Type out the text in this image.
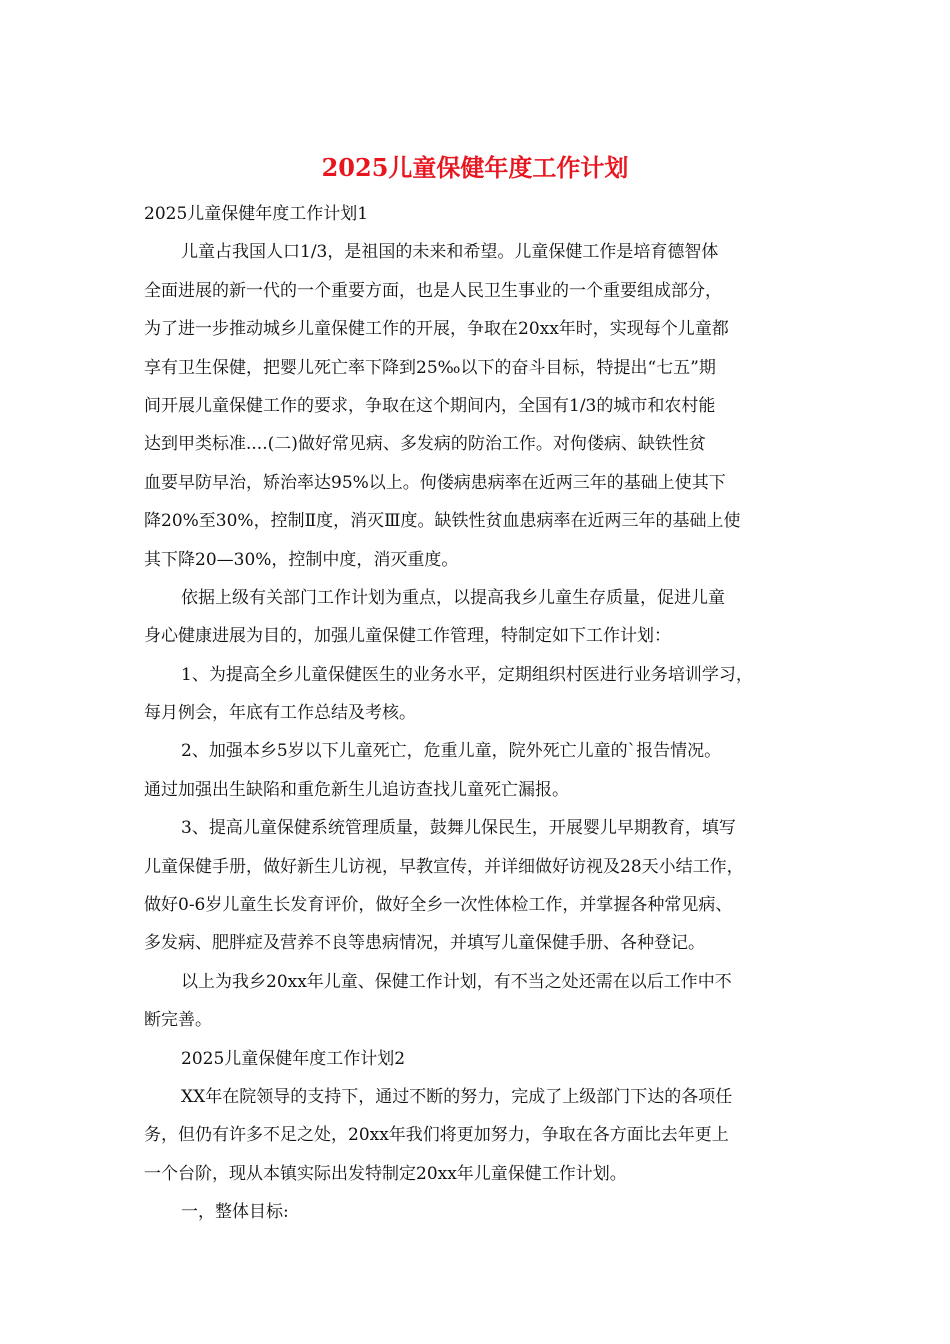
2025儿童保健年度工作计划

2025儿童保健年度工作计划1

儿童占我国人口1/3，是祖国的未来和希望。儿童保健工作是培育德智体

全面进展的新一代的一个重要方面，也是人民卫生事业的一个重要组成部分，

为了进一步推动城乡儿童保健工作的开展，争取在20xx年时，实现每个儿童都

享有卫生保健，把婴儿死亡率下降到25‰以下的奋斗目标，特提出“七五”期

间开展儿童保健工作的要求，争取在这个期间内，全国有1/3的城市和农村能

达到甲类标准....(二)做好常见病、多发病的防治工作。对佝偻病、缺铁性贫

血要早防早治，矫治率达95%以上。佝偻病患病率在近两三年的基础上使其下

降20%至30%，控制Ⅱ度，消灭Ⅲ度。缺铁性贫血患病率在近两三年的基础上使

其下降20—30%，控制中度，消灭重度。

依据上级有关部门工作计划为重点，以提高我乡儿童生存质量，促进儿童

身心健康进展为目的，加强儿童保健工作管理，特制定如下工作计划：

1、为提高全乡儿童保健医生的业务水平，定期组织村医进行业务培训学习，

每月例会，年底有工作总结及考核。

2、加强本乡5岁以下儿童死亡，危重儿童，院外死亡儿童的`报告情况。

通过加强出生缺陷和重危新生儿追访查找儿童死亡漏报。

3、提高儿童保健系统管理质量，鼓舞儿保民生，开展婴儿早期教育，填写

儿童保健手册，做好新生儿访视，早教宣传，并详细做好访视及28天小结工作，

做好0-6岁儿童生长发育评价，做好全乡一次性体检工作，并掌握各种常见病、

多发病、肥胖症及营养不良等患病情况，并填写儿童保健手册、各种登记。

以上为我乡20xx年儿童、保健工作计划，有不当之处还需在以后工作中不

断完善。

2025儿童保健年度工作计划2

XX年在院领导的支持下，通过不断的努力，完成了上级部门下达的各项任

务，但仍有许多不足之处，20xx年我们将更加努力，争取在各方面比去年更上

一个台阶，现从本镇实际出发特制定20xx年儿童保健工作计划。

一，整体目标:
